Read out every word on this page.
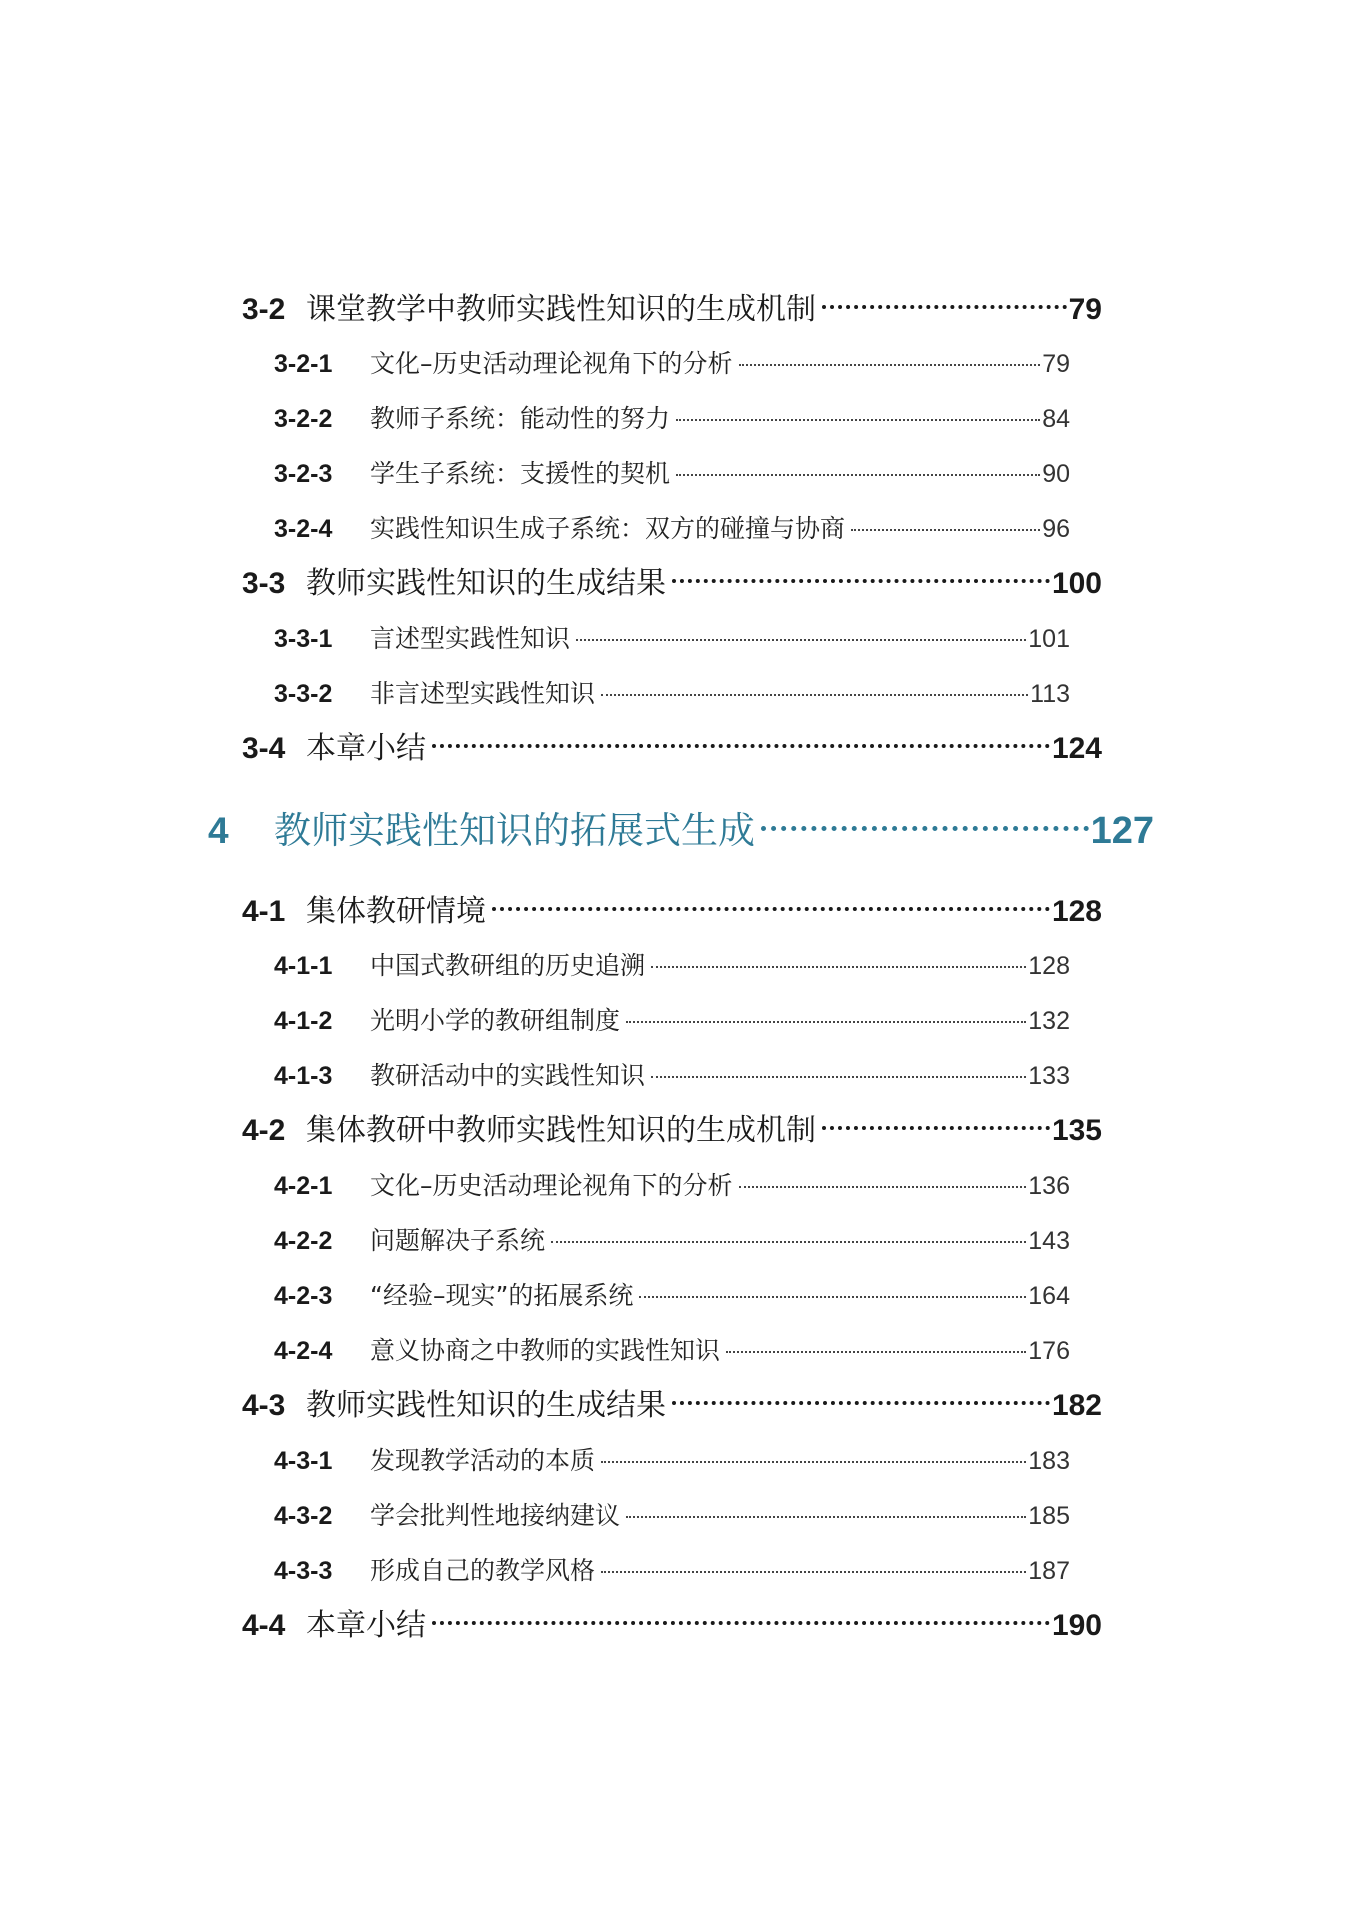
3-2 课堂教学中教师实践性知识的生成机制	79
3-2-1	文化–历史活动理论视角下的分析	79
3-2-2	教师子系统：能动性的努力	84
3-2-3	学生子系统：支援性的契机	90
3-2-4	实践性知识生成子系统：双方的碰撞与协商	96
3-3 教师实践性知识的生成结果	100
3-3-1	言述型实践性知识	101
3-3-2	非言述型实践性知识	113
3-4 本章小结	124
4	教师实践性知识的拓展式生成	127
4-1 集体教研情境	128
4-1-1	中国式教研组的历史追溯	128
4-1-2	光明小学的教研组制度	132
4-1-3	教研活动中的实践性知识	133
4-2 集体教研中教师实践性知识的生成机制	135
4-2-1	文化–历史活动理论视角下的分析	136
4-2-2	问题解决子系统	143
4-2-3	“经验–现实”的拓展系统	164
4-2-4	意义协商之中教师的实践性知识	176
4-3 教师实践性知识的生成结果	182
4-3-1	发现教学活动的本质	183
4-3-2	学会批判性地接纳建议	185
4-3-3	形成自己的教学风格	187
4-4 本章小结	190
